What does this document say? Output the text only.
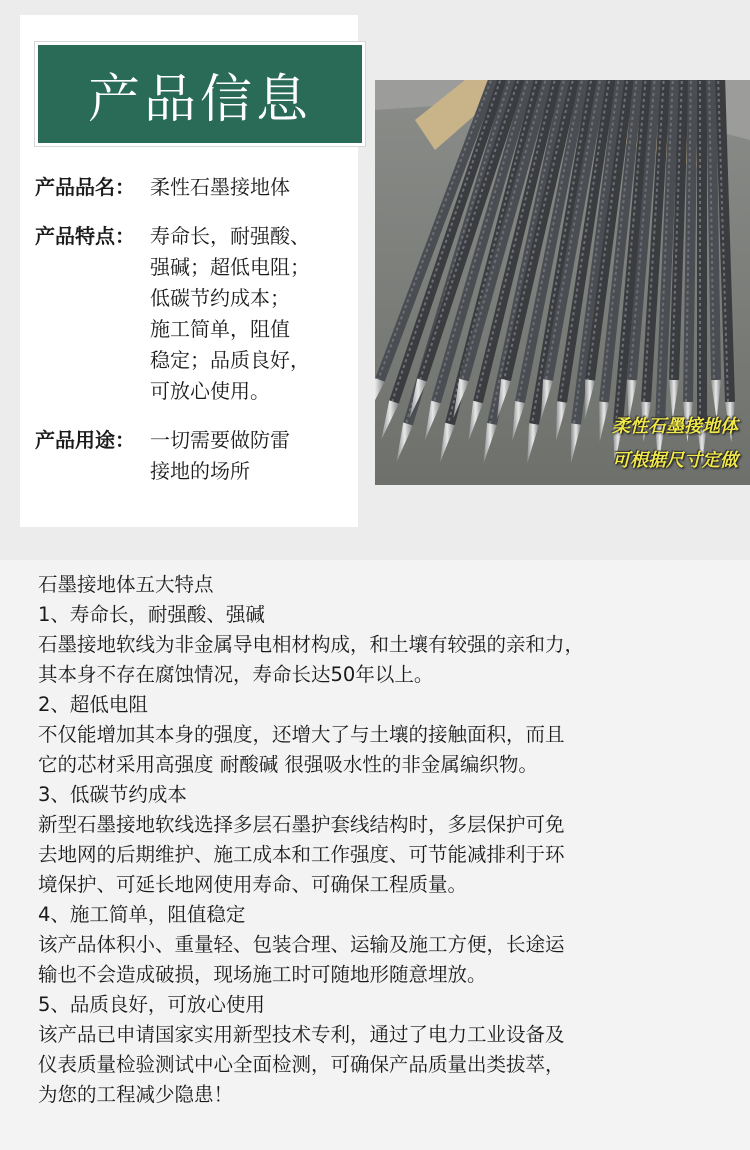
产品信息
产品品名： 柔性石墨接地体
产品特点： 寿命长，耐强酸、
强碱；超低电阻；
低碳节约成本；
施工简单，阻值
稳定；品质良好，
可放心使用。
产品用途： 一切需要做防雷
接地的场所
柔性石墨接地体
可根据尺寸定做
石墨接地体五大特点
1、寿命长，耐强酸、强碱
石墨接地软线为非金属导电相材构成，和土壤有较强的亲和力，
其本身不存在腐蚀情况，寿命长达50年以上。
2、超低电阻
不仅能增加其本身的强度，还增大了与土壤的接触面积，而且
它的芯材采用高强度 耐酸碱 很强吸水性的非金属编织物。
3、低碳节约成本
新型石墨接地软线选择多层石墨护套线结构时，多层保护可免
去地网的后期维护、施工成本和工作强度、可节能减排利于环
境保护、可延长地网使用寿命、可确保工程质量。
4、施工简单，阻值稳定
该产品体积小、重量轻、包装合理、运输及施工方便，长途运
输也不会造成破损，现场施工时可随地形随意埋放。
5、品质良好，可放心使用
该产品已申请国家实用新型技术专利，通过了电力工业设备及
仪表质量检验测试中心全面检测，可确保产品质量出类拔萃，
为您的工程减少隐患！
